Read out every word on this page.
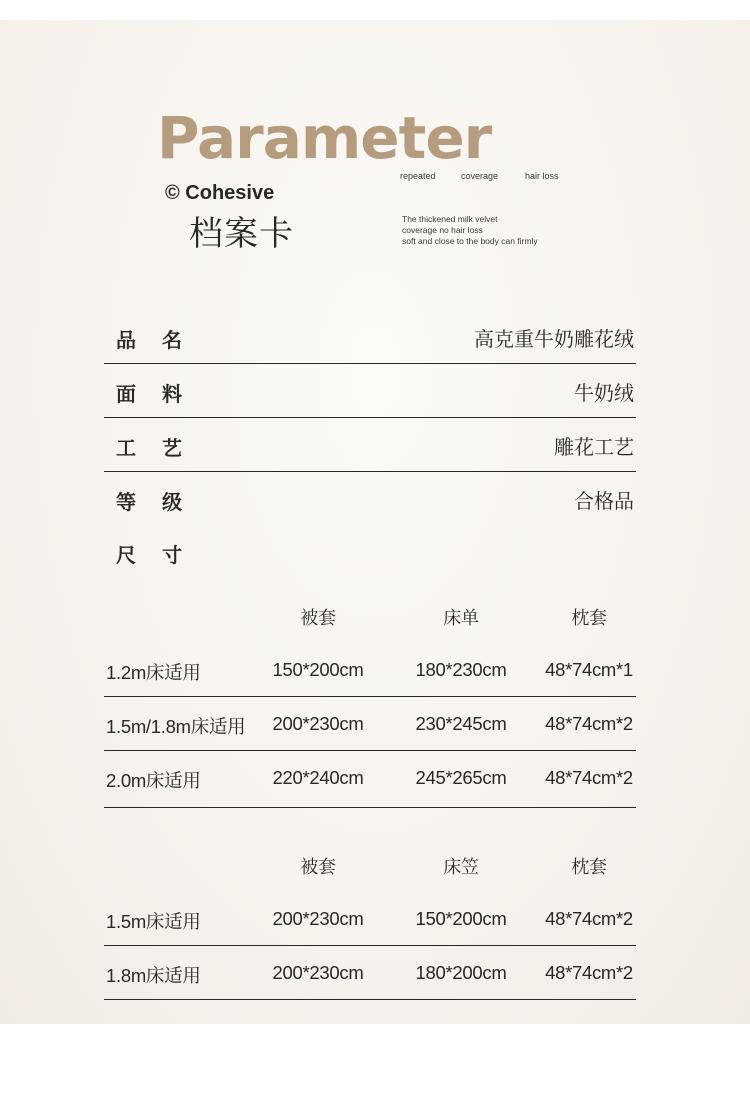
Parameter
© Cohesive
档案卡
repeated	coverage	hair loss
The thickened milk velvet
coverage no hair loss
soft and close to the body can firmly
品名	高克重牛奶雕花绒
面料	牛奶绒
工艺	雕花工艺
等级	合格品
尺寸
被套	床单	枕套
1.2m床适用	150*200cm	180*230cm 48*74cm*1
1.5m/1.8m床适用 200*230cm	230*245cm 48*74cm*2
2.0m床适用	220*240cm	245*265cm 48*74cm*2
被套	床笠	枕套
1.5m床适用	200*230cm	150*200cm 48*74cm*2
1.8m床适用	200*230cm	180*200cm 48*74cm*2
